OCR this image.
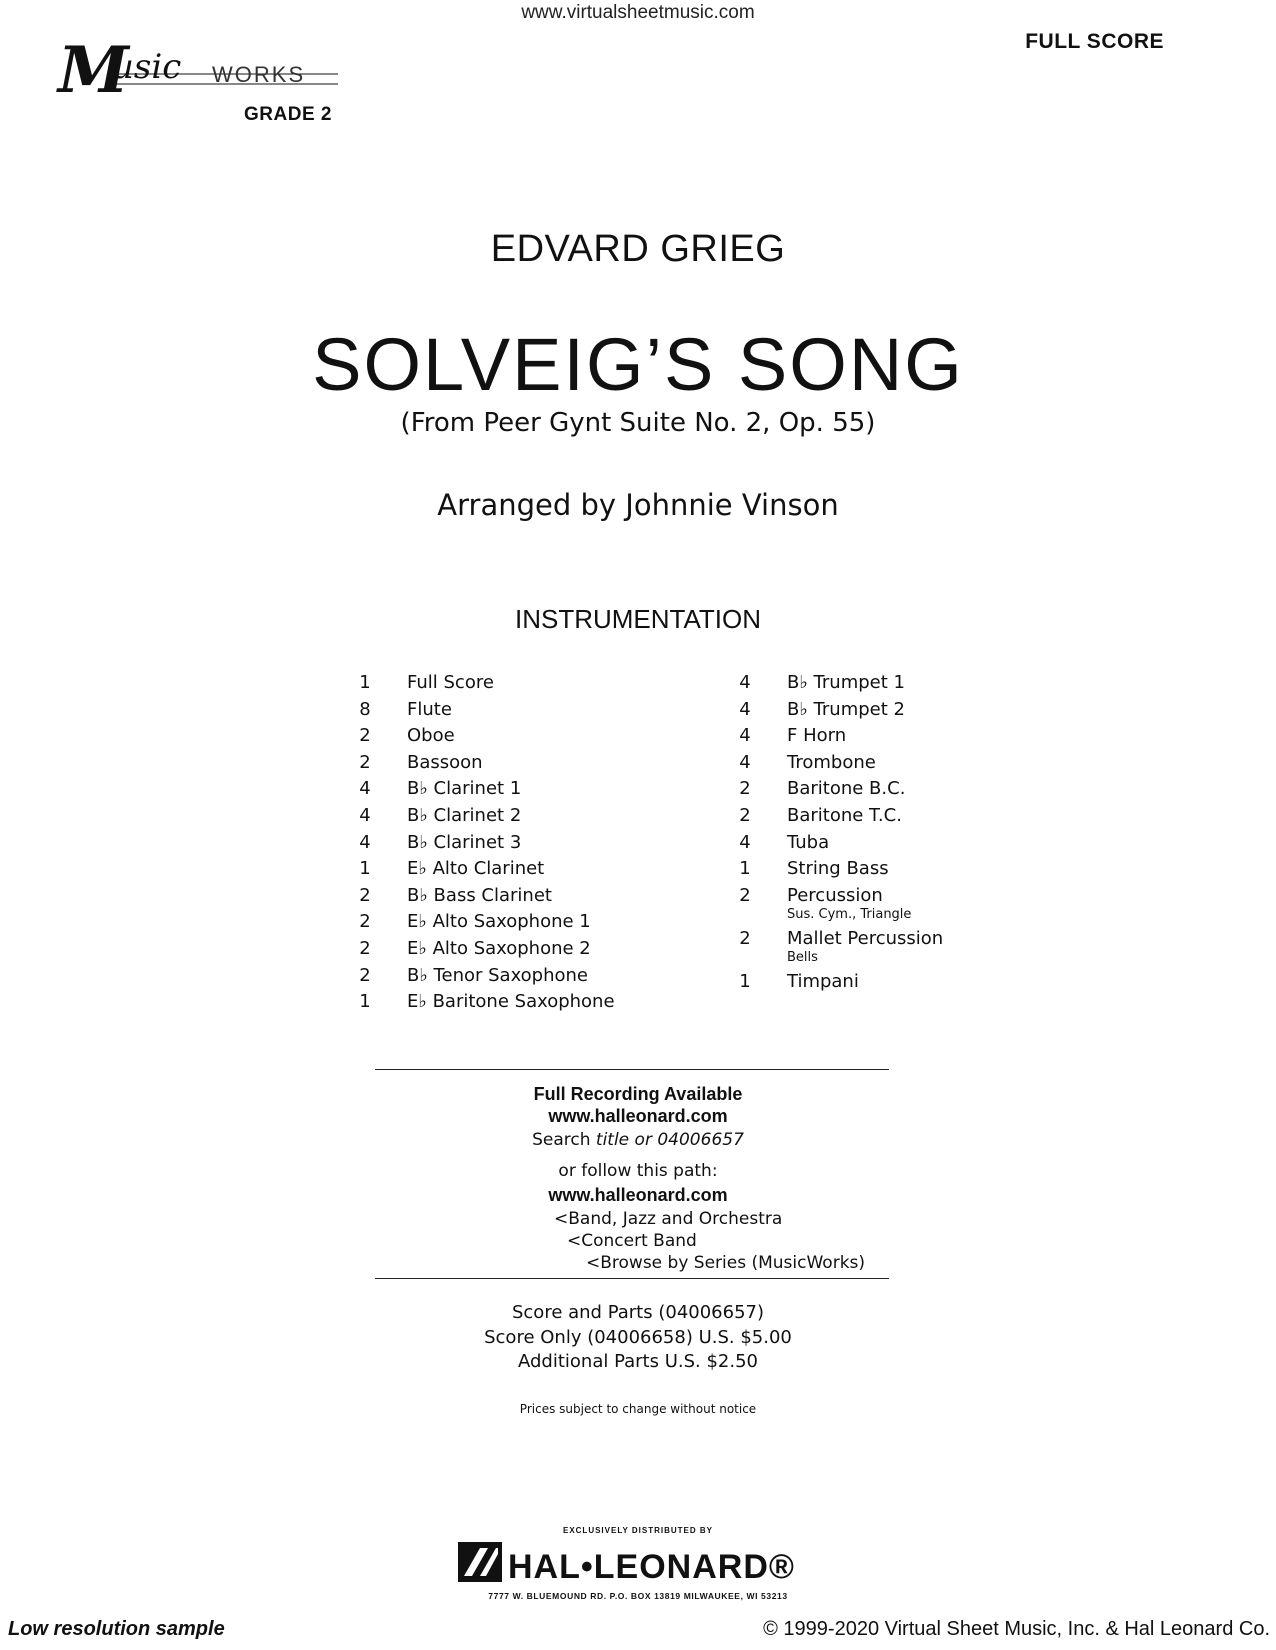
www.virtualsheetmusic.com
FULL SCORE
M
usic WORKS
GRADE 2
EDVARD GRIEG
SOLVEIG’S SONG
(From Peer Gynt Suite No. 2, Op. 55)
Arranged by Johnnie Vinson
INSTRUMENTATION
1 Full Score
8 Flute
2 Oboe
2 Bassoon
4 B♭ Clarinet 1
4 B♭ Clarinet 2
4 B♭ Clarinet 3
1 E♭ Alto Clarinet
2 B♭ Bass Clarinet
2 E♭ Alto Saxophone 1
2 E♭ Alto Saxophone 2
2 B♭ Tenor Saxophone
1 E♭ Baritone Saxophone
4 B♭ Trumpet 1
4 B♭ Trumpet 2
4 F Horn
4 Trombone
2 Baritone B.C.
2 Baritone T.C.
4 Tuba
1 String Bass
2 Percussion
Sus. Cym., Triangle
2 Mallet Percussion
Bells
1 Timpani
Full Recording Available
www.halleonard.com
Search title or 04006657
or follow this path:
www.halleonard.com
<Band, Jazz and Orchestra
<Concert Band
<Browse by Series (MusicWorks)
Score and Parts (04006657)
Score Only (04006658) U.S. $5.00
Additional Parts U.S. $2.50
Prices subject to change without notice
EXCLUSIVELY DISTRIBUTED BY
HAL•LEONARD®
7777 W. BLUEMOUND RD. P.O. BOX 13819 MILWAUKEE, WI 53213
Low resolution sample	© 1999-2020 Virtual Sheet Music, Inc. & Hal Leonard Co.
